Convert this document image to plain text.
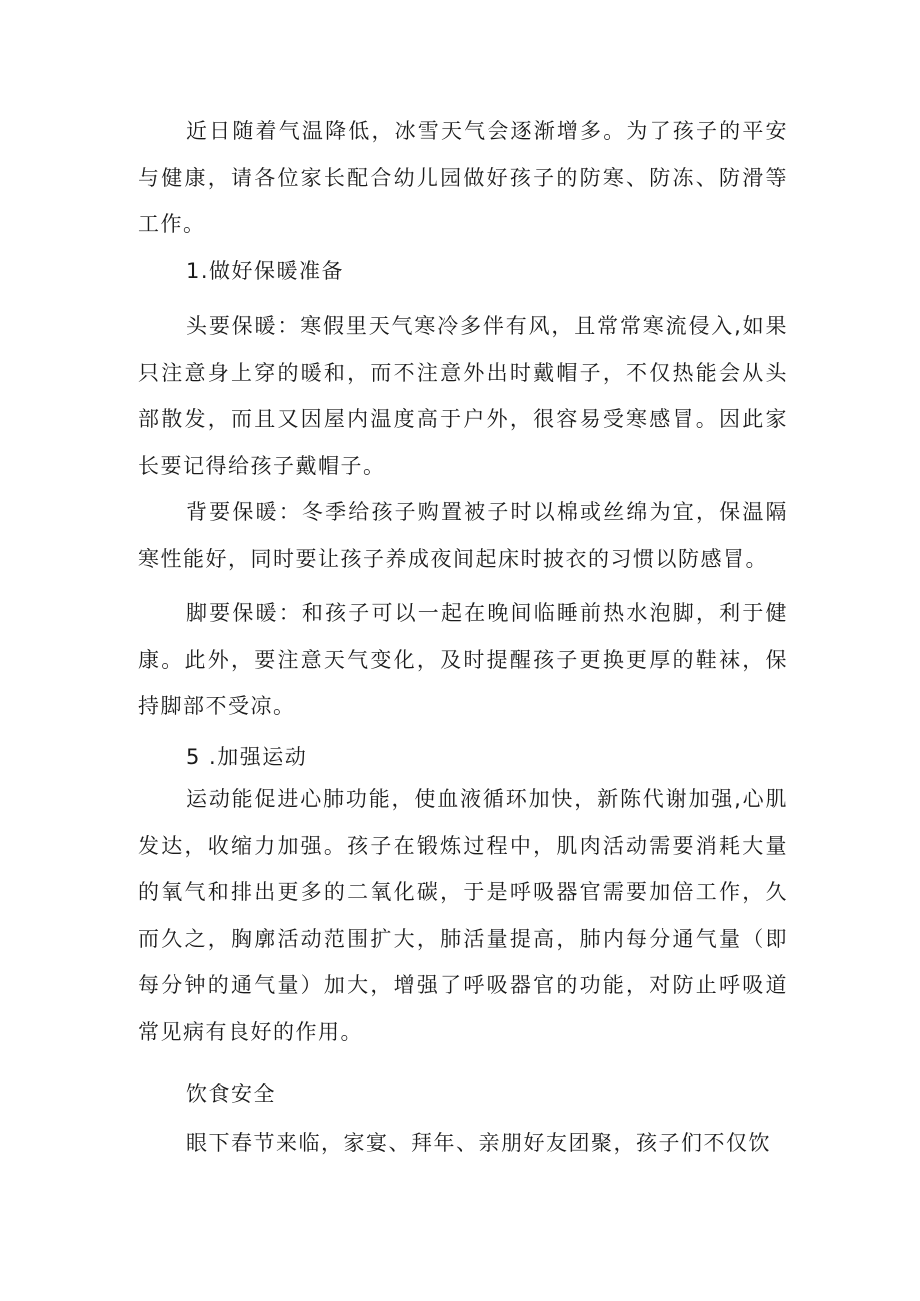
近日随着气温降低，冰雪天气会逐渐增多。为了孩子的平安与健康，请各位家长配合幼儿园做好孩子的防寒、防冻、防滑等工作。

1.做好保暖准备

头要保暖：寒假里天气寒冷多伴有风，且常常寒流侵入,如果只注意身上穿的暖和，而不注意外出时戴帽子，不仅热能会从头部散发，而且又因屋内温度高于户外，很容易受寒感冒。因此家长要记得给孩子戴帽子。

背要保暖：冬季给孩子购置被子时以棉或丝绵为宜，保温隔寒性能好，同时要让孩子养成夜间起床时披衣的习惯以防感冒。

脚要保暖：和孩子可以一起在晚间临睡前热水泡脚，利于健康。此外，要注意天气变化，及时提醒孩子更换更厚的鞋袜，保持脚部不受凉。

5 .加强运动

运动能促进心肺功能，使血液循环加快，新陈代谢加强,心肌发达，收缩力加强。孩子在锻炼过程中，肌肉活动需要消耗大量的氧气和排出更多的二氧化碳，于是呼吸器官需要加倍工作，久而久之，胸廓活动范围扩大，肺活量提高，肺内每分通气量（即每分钟的通气量）加大，增强了呼吸器官的功能，对防止呼吸道常见病有良好的作用。

饮食安全

眼下春节来临，家宴、拜年、亲朋好友团聚，孩子们不仅饮
